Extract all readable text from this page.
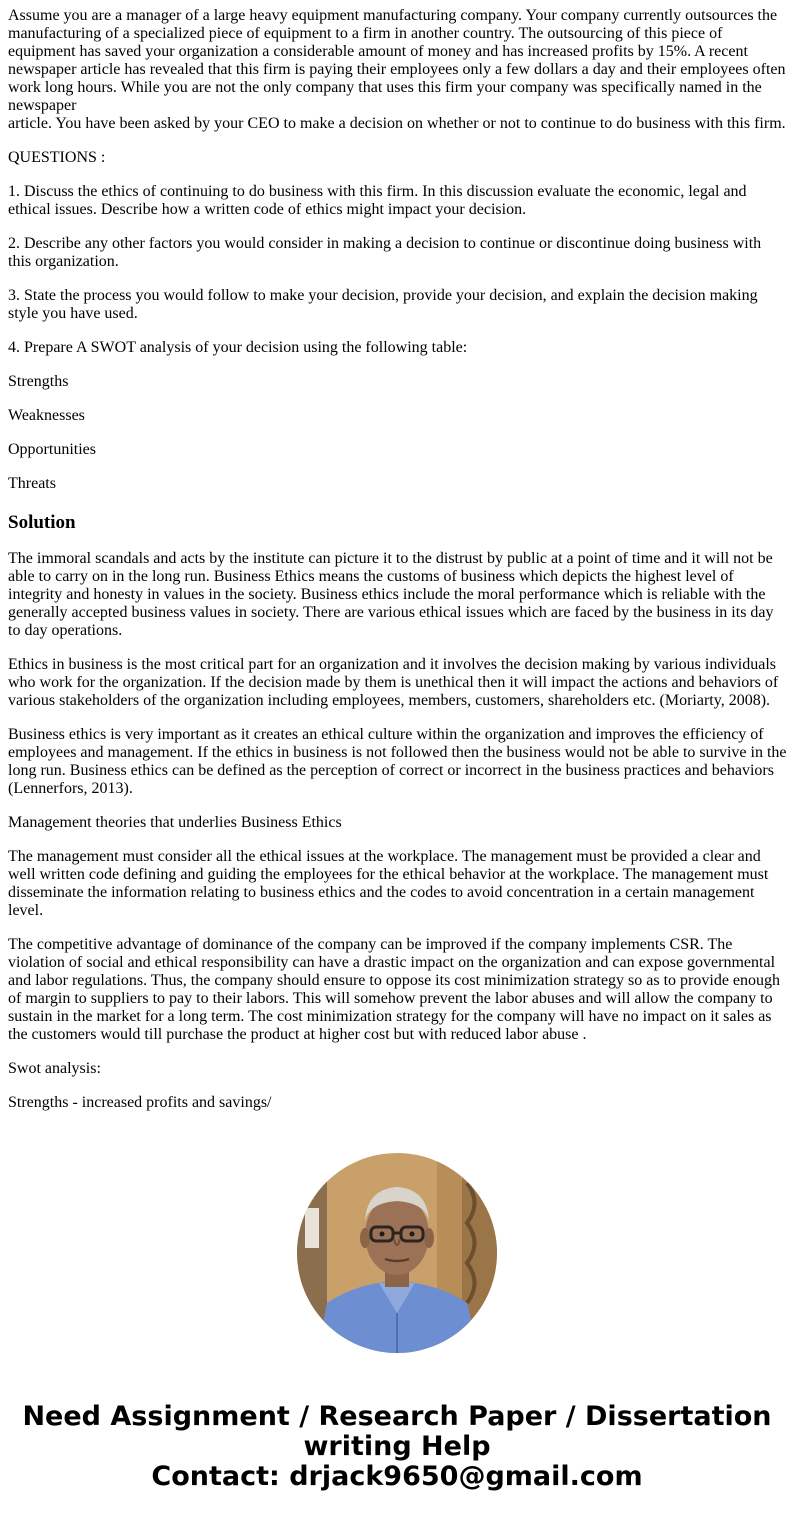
Assume you are a manager of a large heavy equipment manufacturing company. Your company currently outsources the manufacturing of a specialized piece of equipment to a firm in another country. The outsourcing of this piece of equipment has saved your organization a considerable amount of money and has increased profits by 15%. A recent newspaper article has revealed that this firm is paying their employees only a few dollars a day and their employees often work long hours. While you are not the only company that uses this firm your company was specifically named in the newspaper
article. You have been asked by your CEO to make a decision on whether or not to continue to do business with this firm.

QUESTIONS :

1. Discuss the ethics of continuing to do business with this firm. In this discussion evaluate the economic, legal and ethical issues. Describe how a written code of ethics might impact your decision.

2. Describe any other factors you would consider in making a decision to continue or discontinue doing business with this organization.

3. State the process you would follow to make your decision, provide your decision, and explain the decision making style you have used.

4. Prepare A SWOT analysis of your decision using the following table:

Strengths

Weaknesses

Opportunities

Threats

Solution

The immoral scandals and acts by the institute can picture it to the distrust by public at a point of time and it will not be able to carry on in the long run. Business Ethics means the customs of business which depicts the highest level of integrity and honesty in values in the society. Business ethics include the moral performance which is reliable with the generally accepted business values in society. There are various ethical issues which are faced by the business in its day to day operations.

Ethics in business is the most critical part for an organization and it involves the decision making by various individuals who work for the organization. If the decision made by them is unethical then it will impact the actions and behaviors of various stakeholders of the organization including employees, members, customers, shareholders etc. (Moriarty, 2008).

Business ethics is very important as it creates an ethical culture within the organization and improves the efficiency of employees and management. If the ethics in business is not followed then the business would not be able to survive in the long run. Business ethics can be defined as the perception of correct or incorrect in the business practices and behaviors (Lennerfors, 2013).

Management theories that underlies Business Ethics

The management must consider all the ethical issues at the workplace. The management must be provided a clear and well written code defining and guiding the employees for the ethical behavior at the workplace. The management must disseminate the information relating to business ethics and the codes to avoid concentration in a certain management level.

The competitive advantage of dominance of the company can be improved if the company implements CSR. The violation of social and ethical responsibility can have a drastic impact on the organization and can expose governmental and labor regulations. Thus, the company should ensure to oppose its cost minimization strategy so as to provide enough of margin to suppliers to pay to their labors. This will somehow prevent the labor abuses and will allow the company to sustain in the market for a long term. The cost minimization strategy for the company will have no impact on it sales as the customers would till purchase the product at higher cost but with reduced labor abuse .

Swot analysis:

Strengths - increased profits and savings/

Need Assignment / Research Paper / Dissertation
writing Help
Contact: drjack9650@gmail.com
